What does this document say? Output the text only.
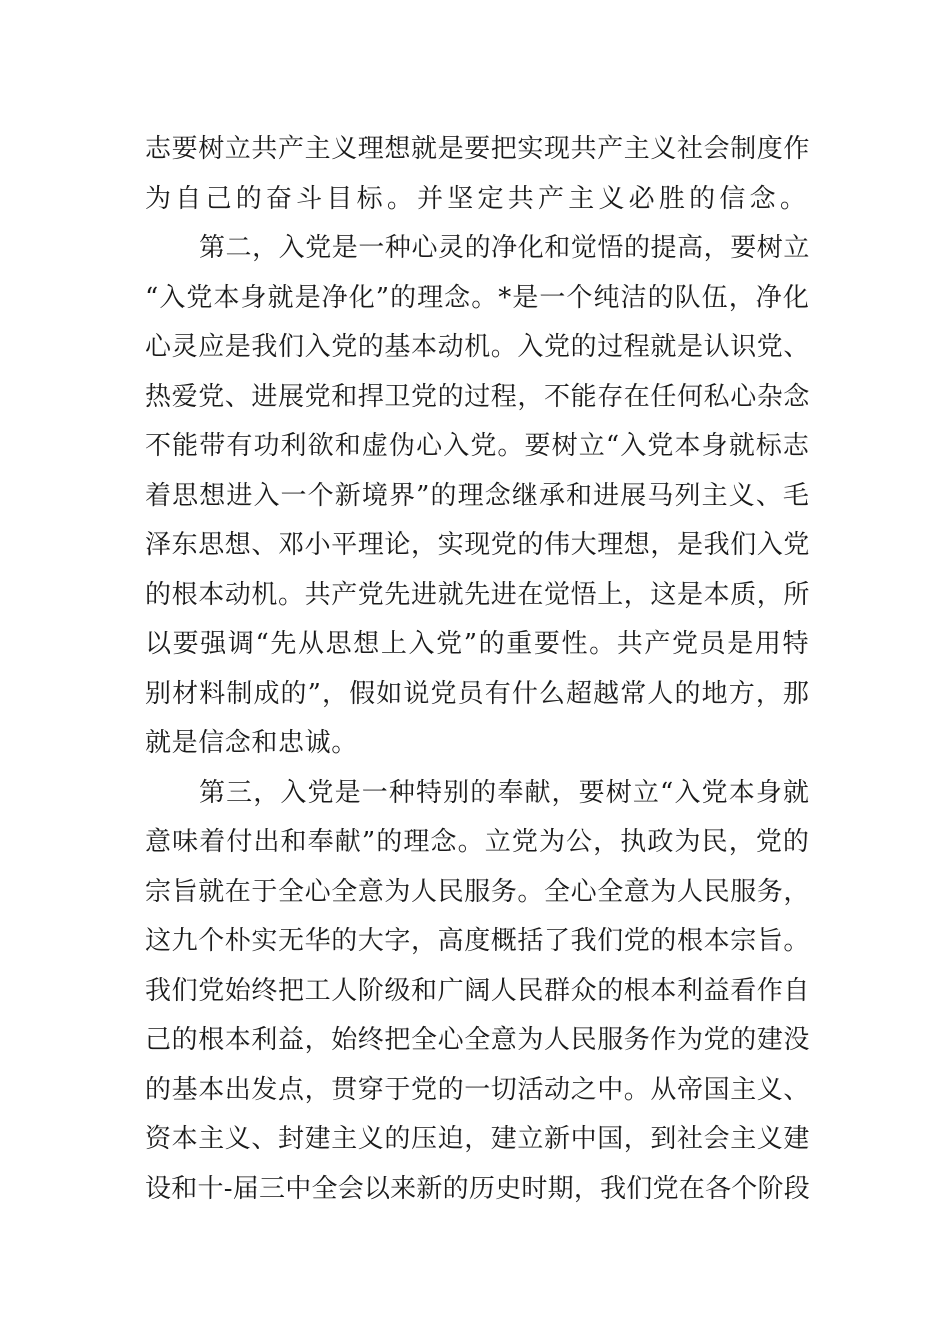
志要树立共产主义理想就是要把实现共产主义社会制度作
为自己的奋斗目标。并坚定共产主义必胜的信念。
第二，入党是一种心灵的净化和觉悟的提高，要树立
“入党本身就是净化”的理念。*是一个纯洁的队伍，净化
心灵应是我们入党的基本动机。入党的过程就是认识党、
热爱党、进展党和捍卫党的过程，不能存在任何私心杂念
不能带有功利欲和虚伪心入党。要树立“入党本身就标志
着思想进入一个新境界”的理念继承和进展马列主义、毛
泽东思想、邓小平理论，实现党的伟大理想，是我们入党
的根本动机。共产党先进就先进在觉悟上，这是本质，所
以要强调“先从思想上入党”的重要性。共产党员是用特
别材料制成的”，假如说党员有什么超越常人的地方，那
就是信念和忠诚。
第三，入党是一种特别的奉献，要树立“入党本身就
意味着付出和奉献”的理念。立党为公，执政为民，党的
宗旨就在于全心全意为人民服务。全心全意为人民服务，
这九个朴实无华的大字，高度概括了我们党的根本宗旨。
我们党始终把工人阶级和广阔人民群众的根本利益看作自
己的根本利益，始终把全心全意为人民服务作为党的建没
的基本出发点，贯穿于党的一切活动之中。从帝国主义、
资本主义、封建主义的压迫，建立新中国，到社会主义建
设和十-届三中全会以来新的历史时期，我们党在各个阶段
